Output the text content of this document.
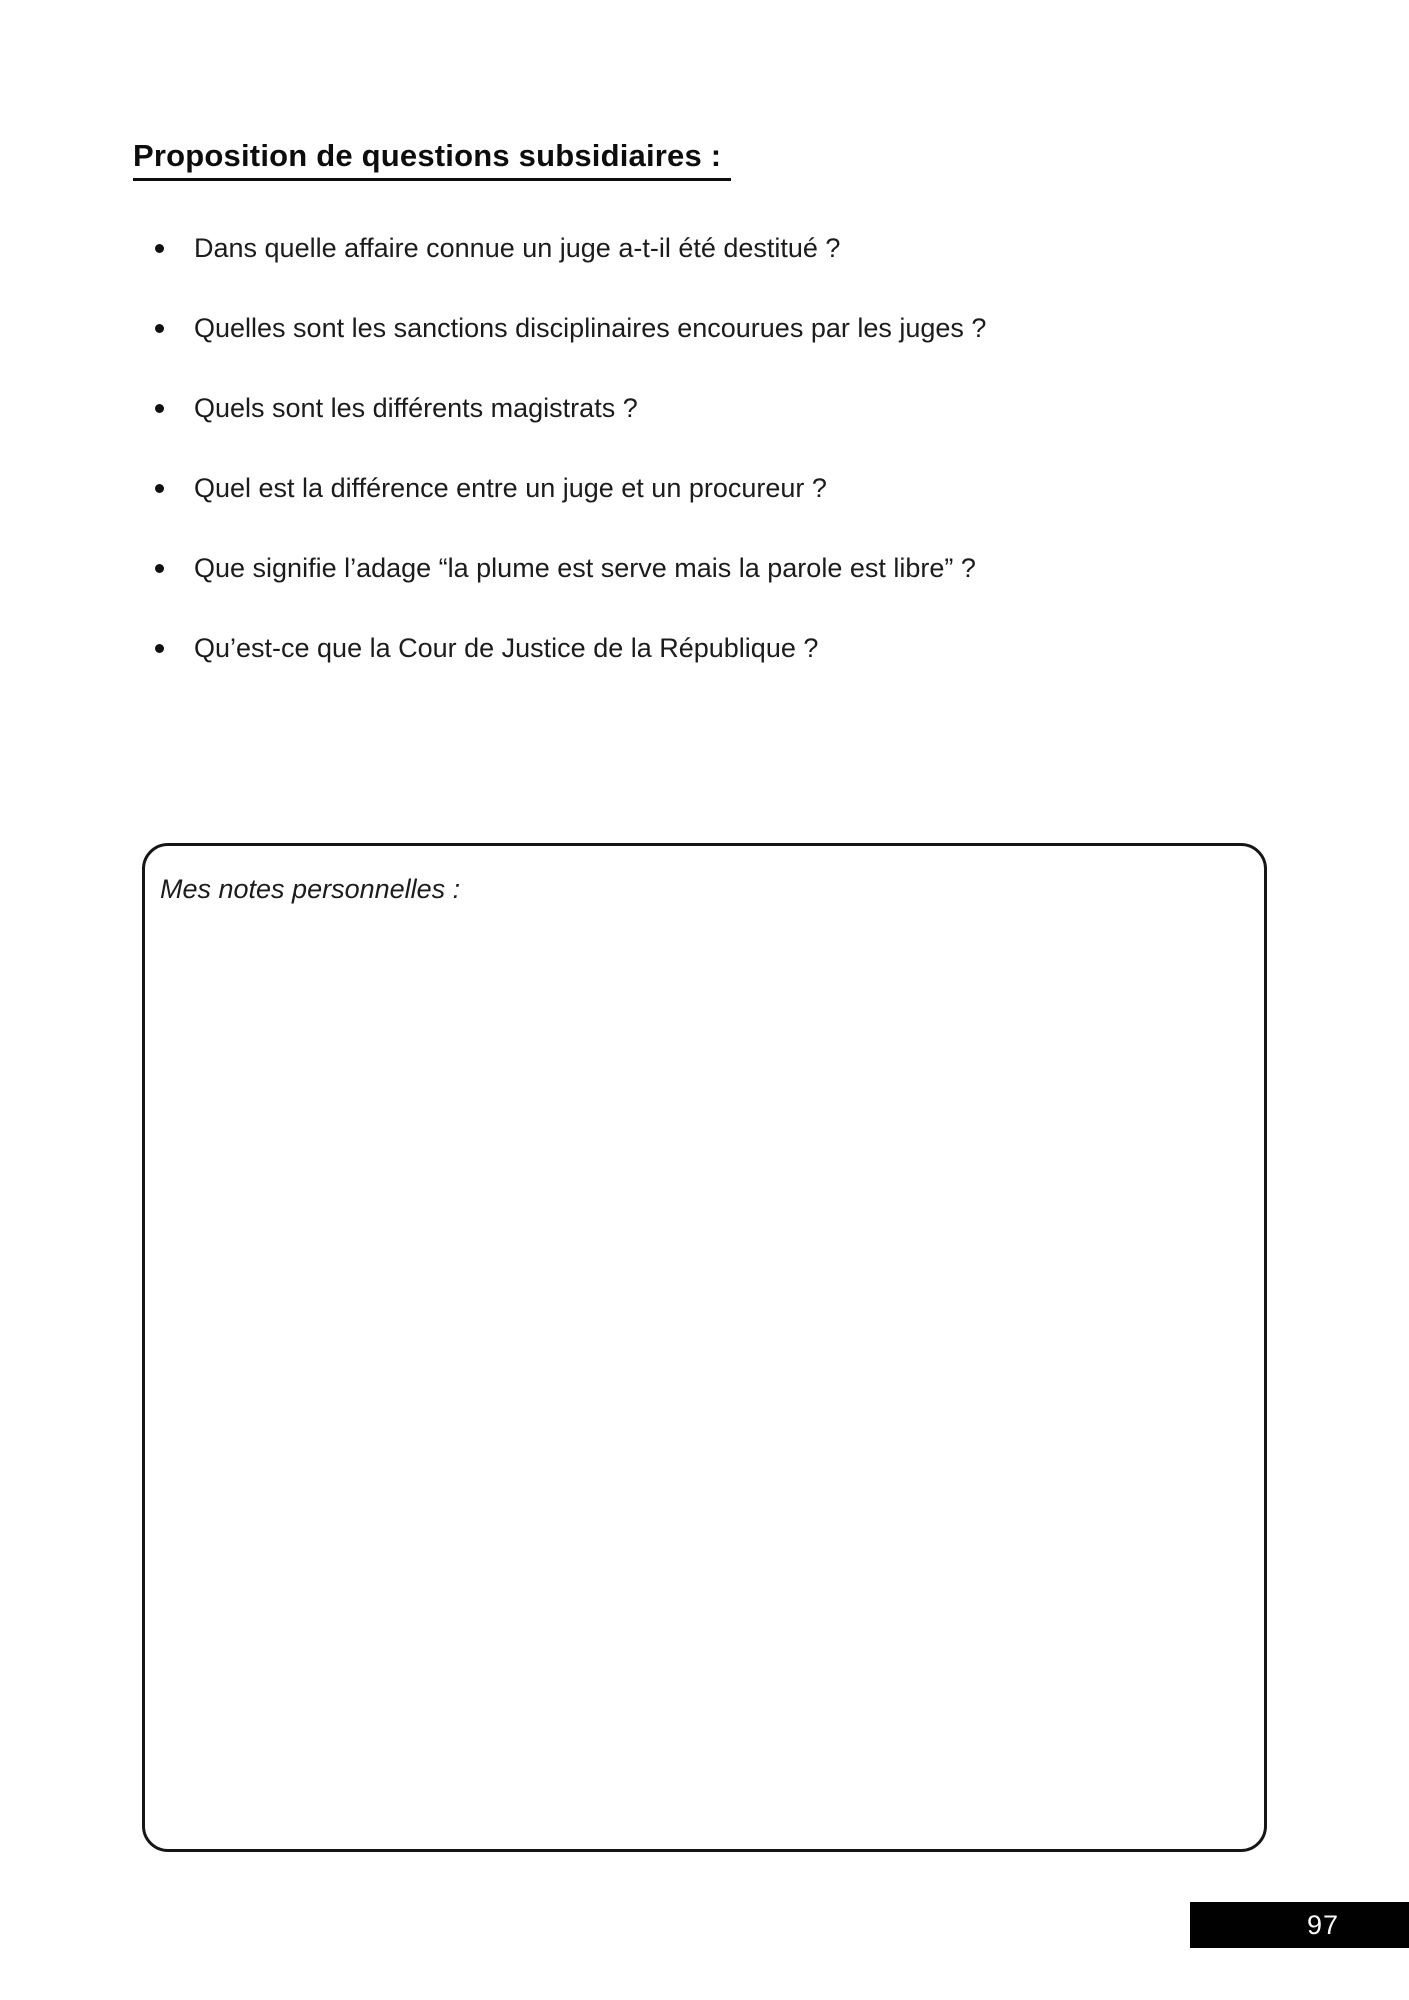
Proposition de questions subsidiaires :
Dans quelle affaire connue un juge a-t-il été destitué ?
Quelles sont les sanctions disciplinaires encourues par les juges ?
Quels sont les différents magistrats ?
Quel est la différence entre un juge et un procureur ?
Que signifie l’adage “la plume est serve mais la parole est libre” ?
Qu’est-ce que la Cour de Justice de la République ?
Mes notes personnelles :
97
